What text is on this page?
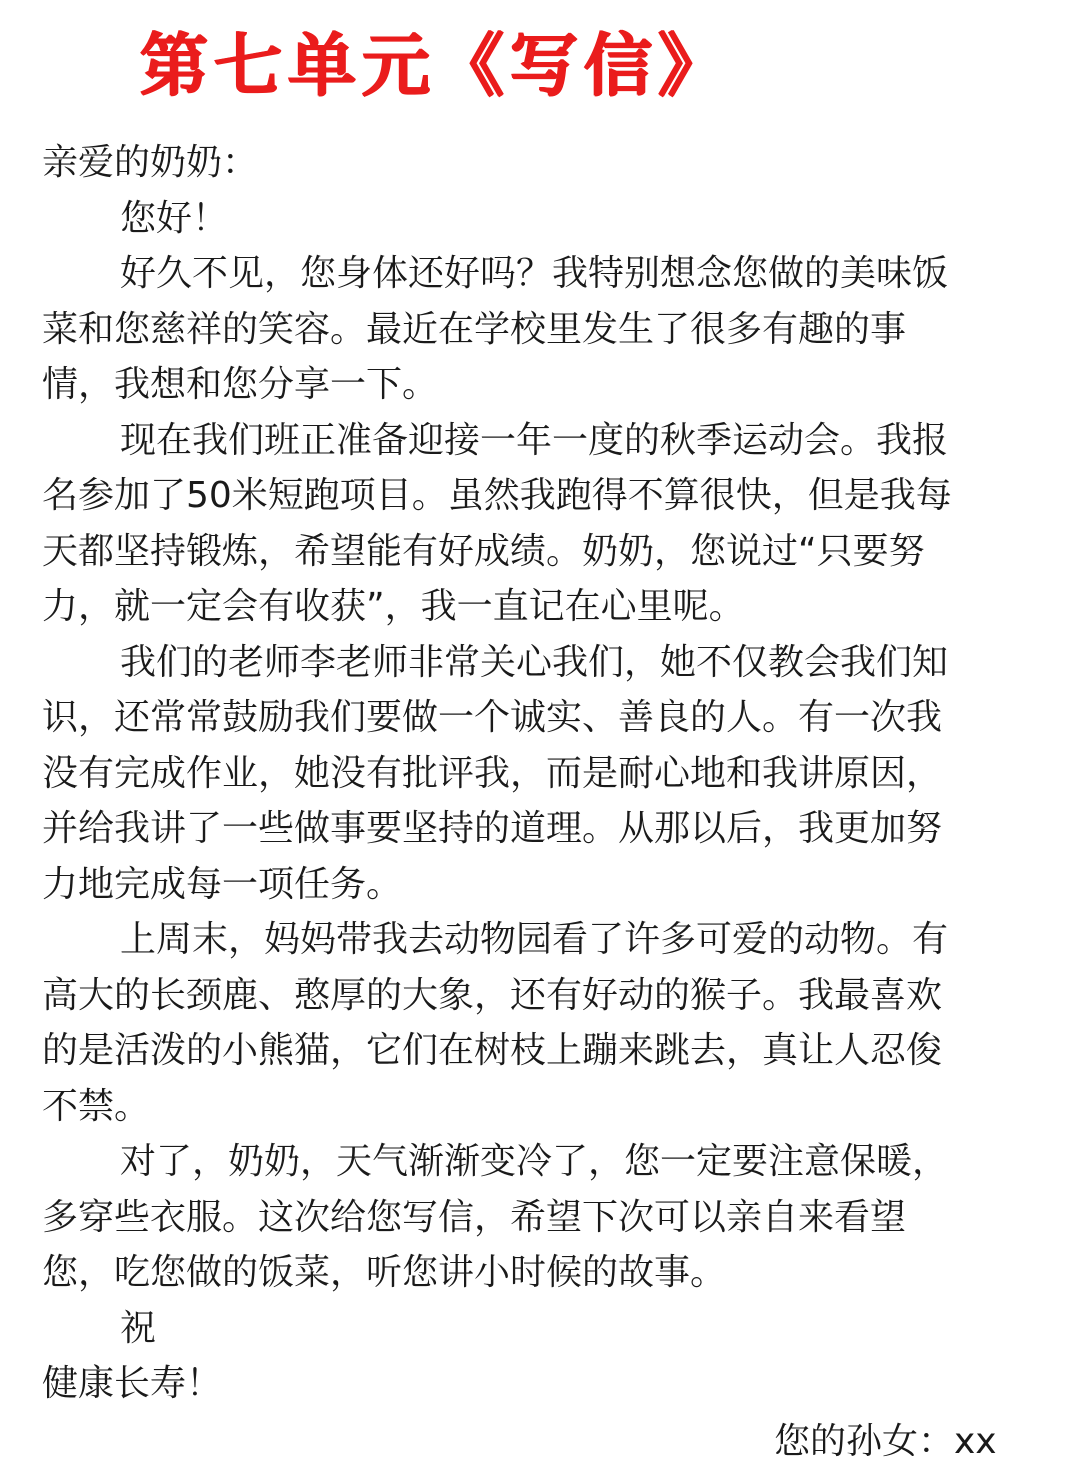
第七单元《写信》
亲爱的奶奶：
您好！
好久不见，您身体还好吗？我特别想念您做的美味饭
菜和您慈祥的笑容。最近在学校里发生了很多有趣的事
情，我想和您分享一下。
现在我们班正准备迎接一年一度的秋季运动会。我报
名参加了50米短跑项目。虽然我跑得不算很快，但是我每
天都坚持锻炼，希望能有好成绩。奶奶，您说过“只要努
力，就一定会有收获”，我一直记在心里呢。
我们的老师李老师非常关心我们，她不仅教会我们知
识，还常常鼓励我们要做一个诚实、善良的人。有一次我
没有完成作业，她没有批评我，而是耐心地和我讲原因，
并给我讲了一些做事要坚持的道理。从那以后，我更加努
力地完成每一项任务。
上周末，妈妈带我去动物园看了许多可爱的动物。有
高大的长颈鹿、憨厚的大象，还有好动的猴子。我最喜欢
的是活泼的小熊猫，它们在树枝上蹦来跳去，真让人忍俊
不禁。
对了，奶奶，天气渐渐变冷了，您一定要注意保暖，
多穿些衣服。这次给您写信，希望下次可以亲自来看望
您，吃您做的饭菜，听您讲小时候的故事。
祝
健康长寿！
您的孙女：xx
